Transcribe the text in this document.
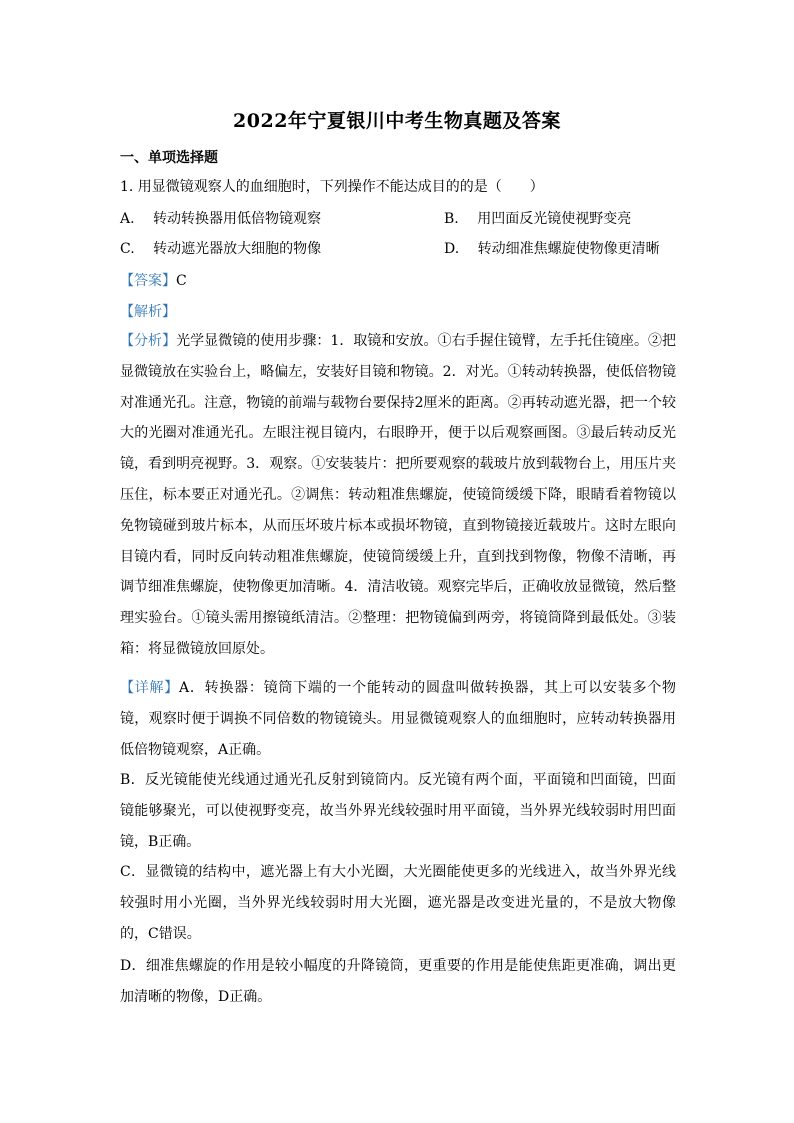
2022年宁夏银川中考生物真题及答案
一、单项选择题
1. 用显微镜观察人的血细胞时，下列操作不能达成目的的是（　　）
A. 　转动转换器用低倍物镜观察	B. 　用凹面反光镜使视野变亮
C. 　转动遮光器放大细胞的物像	D. 　转动细准焦螺旋使物像更清晰
【答案】C
【解析】
【分析】光学显微镜的使用步骤：1．取镜和安放。①右手握住镜臂，左手托住镜座。②把显微镜放在实验台上，略偏左，安装好目镜和物镜。2．对光。①转动转换器，使低倍物镜对准通光孔。注意，物镜的前端与载物台要保持2厘米的距离。②再转动遮光器，把一个较大的光圈对准通光孔。左眼注视目镜内，右眼睁开，便于以后观察画图。③最后转动反光镜，看到明亮视野。3．观察。①安装装片：把所要观察的载玻片放到载物台上，用压片夹压住，标本要正对通光孔。②调焦：转动粗准焦螺旋，使镜筒缓缓下降，眼睛看着物镜以免物镜碰到玻片标本，从而压坏玻片标本或损坏物镜，直到物镜接近载玻片。这时左眼向目镜内看，同时反向转动粗准焦螺旋，使镜筒缓缓上升，直到找到物像，物像不清晰，再调节细准焦螺旋，使物像更加清晰。4．清洁收镜。观察完毕后，正确收放显微镜，然后整理实验台。①镜头需用擦镜纸清洁。②整理：把物镜偏到两旁，将镜筒降到最低处。③装箱：将显微镜放回原处。
【详解】A．转换器：镜筒下端的一个能转动的圆盘叫做转换器，其上可以安装多个物镜，观察时便于调换不同倍数的物镜镜头。用显微镜观察人的血细胞时，应转动转换器用低倍物镜观察，A正确。
B．反光镜能使光线通过通光孔反射到镜筒内。反光镜有两个面，平面镜和凹面镜，凹面镜能够聚光，可以使视野变亮，故当外界光线较强时用平面镜，当外界光线较弱时用凹面镜，B正确。
C．显微镜的结构中，遮光器上有大小光圈，大光圈能使更多的光线进入，故当外界光线较强时用小光圈，当外界光线较弱时用大光圈，遮光器是改变进光量的，不是放大物像的，C错误。
D．细准焦螺旋的作用是较小幅度的升降镜筒，更重要的作用是能使焦距更准确，调出更加清晰的物像，D正确。
